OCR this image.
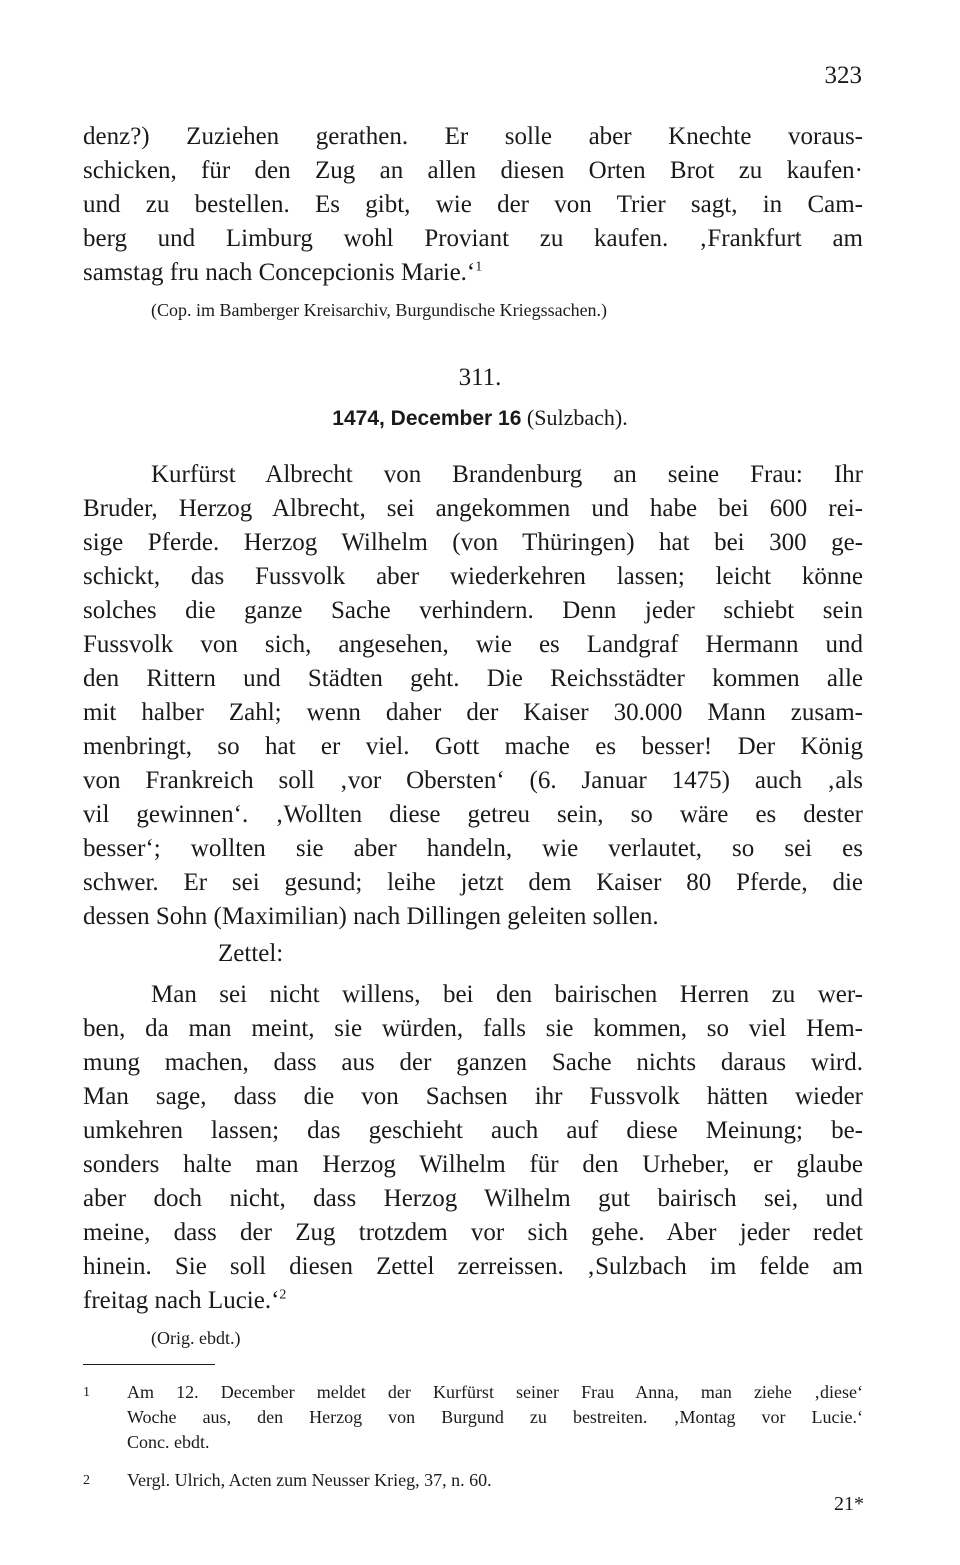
323
denz?) Zuziehen gerathen. Er solle aber Knechte voraus-
schicken, für den Zug an allen diesen Orten Brot zu kaufen·
und zu bestellen. Es gibt, wie der von Trier sagt, in Cam-
berg und Limburg wohl Proviant zu kaufen. ‚Frankfurt am
samstag fru nach Concepcionis Marie.‘$^1$
(Cop. im Bamberger Kreisarchiv, Burgundische Kriegssachen.)
311.
1474, December 16 (Sulzbach).
Kurfürst Albrecht von Brandenburg an seine Frau: Ihr
Bruder, Herzog Albrecht, sei angekommen und habe bei 600 rei-
sige Pferde. Herzog Wilhelm (von Thüringen) hat bei 300 ge-
schickt, das Fussvolk aber wiederkehren lassen; leicht könne
solches die ganze Sache verhindern. Denn jeder schiebt sein
Fussvolk von sich, angesehen, wie es Landgraf Hermann und
den Rittern und Städten geht. Die Reichsstädter kommen alle
mit halber Zahl; wenn daher der Kaiser 30.000 Mann zusam-
menbringt, so hat er viel. Gott mache es besser! Der König
von Frankreich soll ‚vor Obersten‘ (6. Januar 1475) auch ‚als
vil gewinnen‘. ‚Wollten diese getreu sein, so wäre es dester
besser‘; wollten sie aber handeln, wie verlautet, so sei es
schwer. Er sei gesund; leihe jetzt dem Kaiser 80 Pferde, die
dessen Sohn (Maximilian) nach Dillingen geleiten sollen.
Zettel:
Man sei nicht willens, bei den bairischen Herren zu wer-
ben, da man meint, sie würden, falls sie kommen, so viel Hem-
mung machen, dass aus der ganzen Sache nichts daraus wird.
Man sage, dass die von Sachsen ihr Fussvolk hätten wieder
umkehren lassen; das geschieht auch auf diese Meinung; be-
sonders halte man Herzog Wilhelm für den Urheber, er glaube
aber doch nicht, dass Herzog Wilhelm gut bairisch sei, und
meine, dass der Zug trotzdem vor sich gehe. Aber jeder redet
hinein. Sie soll diesen Zettel zerreissen. ‚Sulzbach im felde am
freitag nach Lucie.‘$^2$
(Orig. ebdt.)
1 Am 12. December meldet der Kurfürst seiner Frau Anna, man ziehe ‚diese‘
Woche aus, den Herzog von Burgund zu bestreiten. ‚Montag vor Lucie.‘
Conc. ebdt.
2 Vergl. Ulrich, Acten zum Neusser Krieg, 37, n. 60.
21*
